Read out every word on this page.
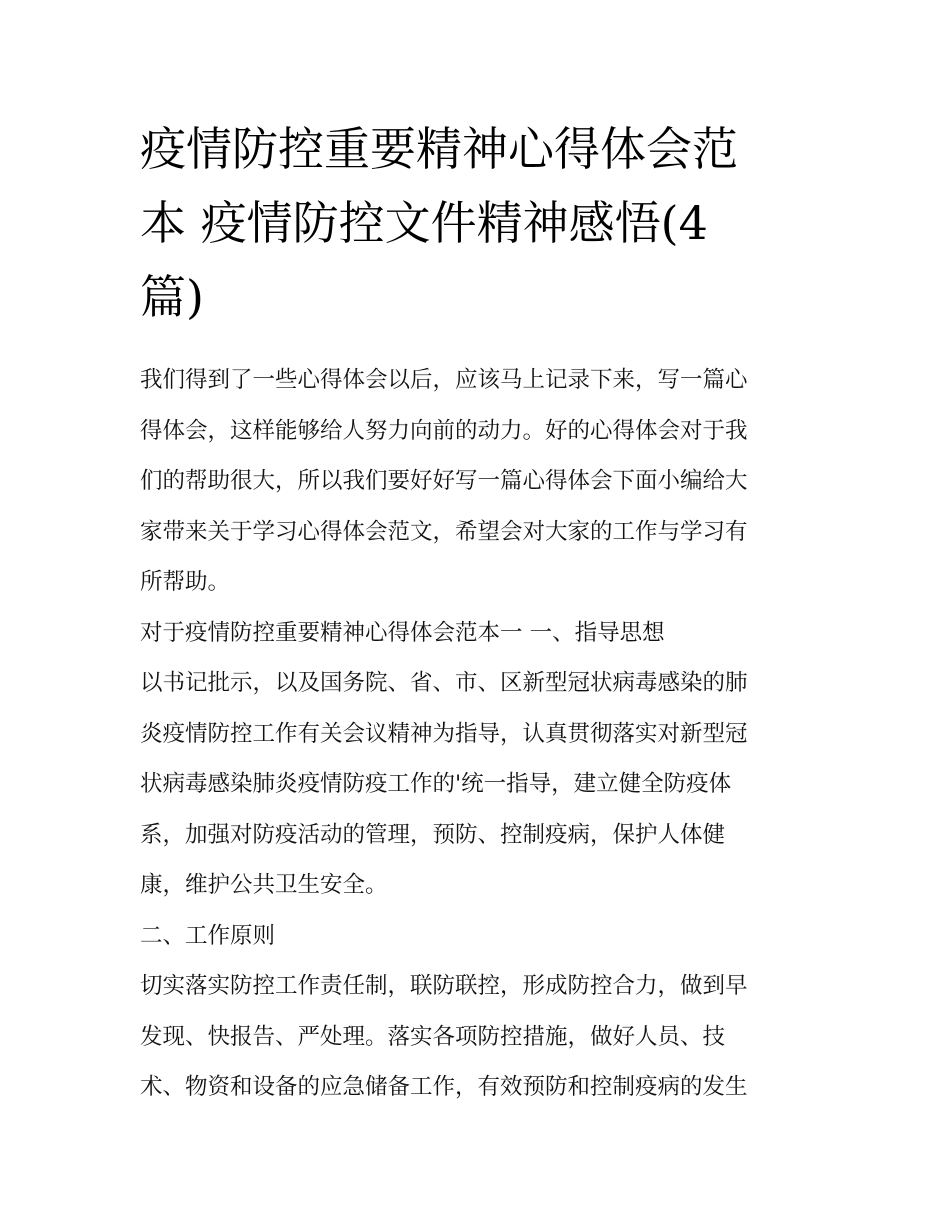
疫情防控重要精神心得体会范
本 疫情防控文件精神感悟(4
篇)

我们得到了一些心得体会以后，应该马上记录下来，写一篇心
得体会，这样能够给人努力向前的动力。好的心得体会对于我
们的帮助很大，所以我们要好好写一篇心得体会下面小编给大
家带来关于学习心得体会范文，希望会对大家的工作与学习有
所帮助。

对于疫情防控重要精神心得体会范本一 一、指导思想

以书记批示，以及国务院、省、市、区新型冠状病毒感染的肺
炎疫情防控工作有关会议精神为指导，认真贯彻落实对新型冠
状病毒感染肺炎疫情防疫工作的'统一指导，建立健全防疫体
系，加强对防疫活动的管理，预防、控制疫病，保护人体健
康，维护公共卫生安全。

二、工作原则

切实落实防控工作责任制，联防联控，形成防控合力，做到早
发现、快报告、严处理。落实各项防控措施，做好人员、技
术、物资和设备的应急储备工作，有效预防和控制疫病的发生
